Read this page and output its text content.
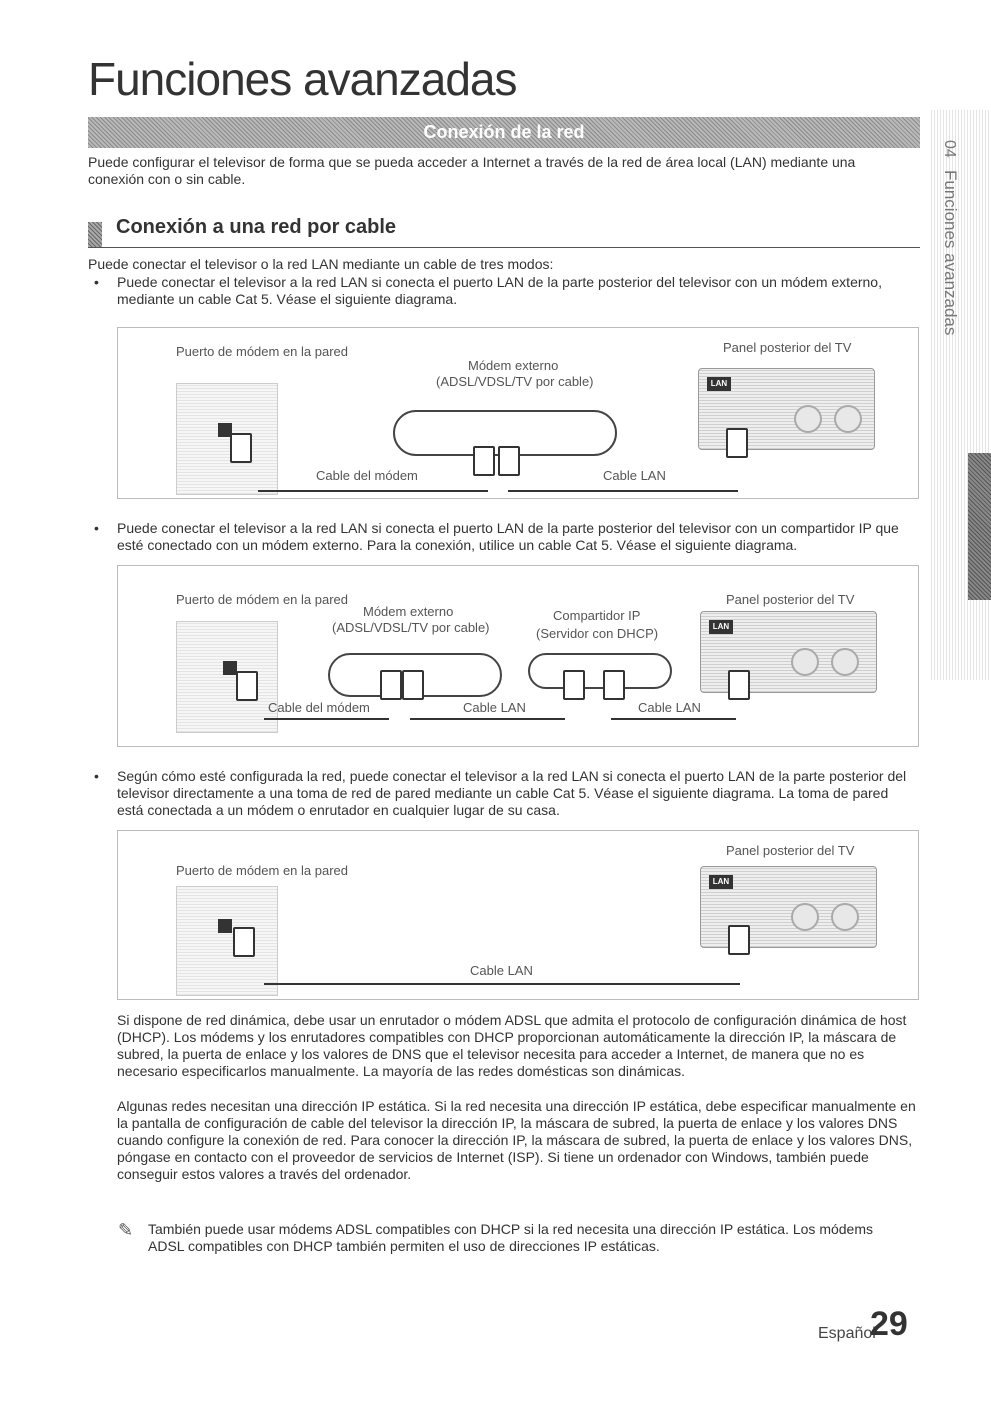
Funciones avanzadas
Conexión de la red
Puede configurar el televisor de forma que se pueda acceder a Internet a través de la red de área local (LAN) mediante una conexión con o sin cable.
Conexión a una red por cable
Puede conectar el televisor o la red LAN mediante un cable de tres modos:
• Puede conectar el televisor a la red LAN si conecta el puerto LAN de la parte posterior del televisor con un módem externo, mediante un cable Cat 5. Véase el siguiente diagrama.
Puerto de módem en la pared
Módem externo
(ADSL/VDSL/TV por cable)
Panel posterior del TV
LAN
Cable del módem	Cable LAN
• Puede conectar el televisor a la red LAN si conecta el puerto LAN de la parte posterior del televisor con un compartidor IP que esté conectado con un módem externo. Para la conexión, utilice un cable Cat 5. Véase el siguiente diagrama.
Puerto de módem en la pared
Módem externo
(ADSL/VDSL/TV por cable)
Compartidor IP
(Servidor con DHCP)
Panel posterior del TV
LAN
Cable del módem	Cable LAN	Cable LAN
• Según cómo esté configurada la red, puede conectar el televisor a la red LAN si conecta el puerto LAN de la parte posterior del televisor directamente a una toma de red de pared mediante un cable Cat 5. Véase el siguiente diagrama. La toma de pared está conectada a un módem o enrutador en cualquier lugar de su casa.
Puerto de módem en la pared
Panel posterior del TV
LAN
Cable LAN
Si dispone de red dinámica, debe usar un enrutador o módem ADSL que admita el protocolo de configuración dinámica de host (DHCP). Los módems y los enrutadores compatibles con DHCP proporcionan automáticamente la dirección IP, la máscara de subred, la puerta de enlace y los valores de DNS que el televisor necesita para acceder a Internet, de manera que no es necesario especificarlos manualmente. La mayoría de las redes domésticas son dinámicas.
Algunas redes necesitan una dirección IP estática. Si la red necesita una dirección IP estática, debe especificar manualmente en la pantalla de configuración de cable del televisor la dirección IP, la máscara de subred, la puerta de enlace y los valores DNS cuando configure la conexión de red. Para conocer la dirección IP, la máscara de subred, la puerta de enlace y los valores DNS, póngase en contacto con el proveedor de servicios de Internet (ISP). Si tiene un ordenador con Windows, también puede conseguir estos valores a través del ordenador.
✎ También puede usar módems ADSL compatibles con DHCP si la red necesita una dirección IP estática. Los módems ADSL compatibles con DHCP también permiten el uso de direcciones IP estáticas.
04
Funciones avanzadas
Español
29
